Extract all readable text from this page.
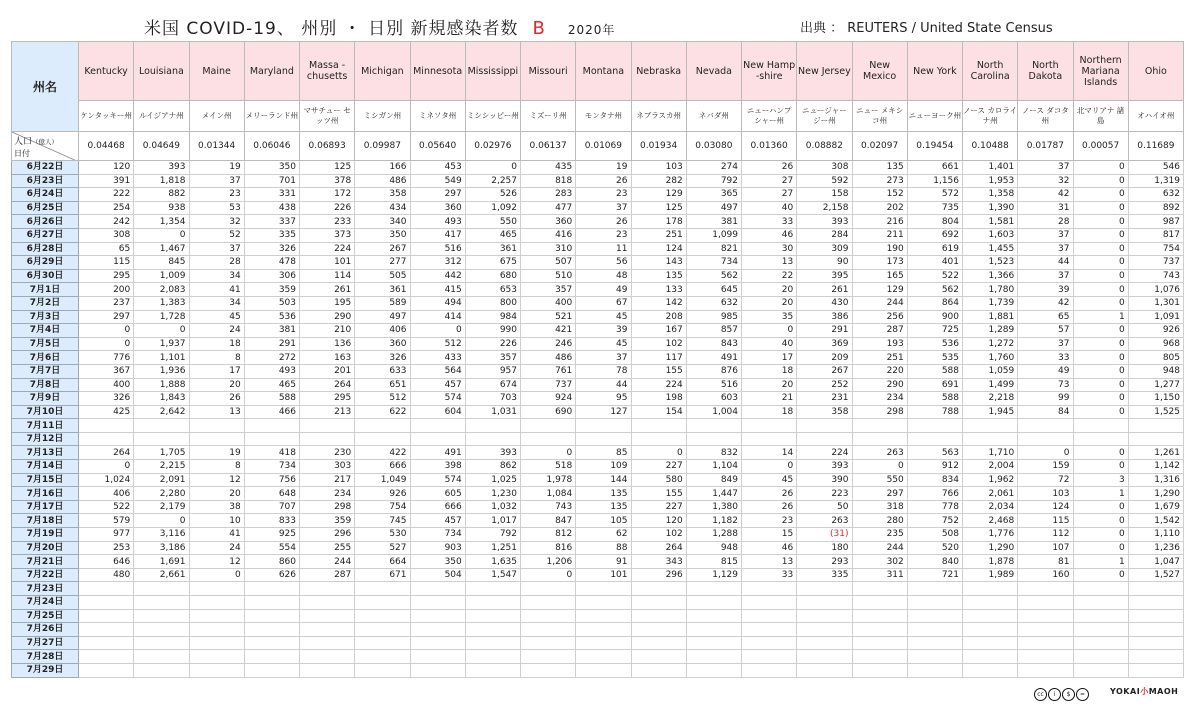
米国 COVID-19、 州別 ・ 日別 新規感染者数 B 2020年	出典 ： REUTERS / United State Census
州名	Kentucky	Louisiana	Maine	Maryland	Massa -chusetts	Michigan	Minnesota	Mississippi	Missouri	Montana	Nebraska	Nevada	New Hamp -shire	New Jersey	New Mexico	New York	North Carolina	North Dakota	Northern Mariana Islands	Ohio
	ケンタッキー州	ルイジアナ州	メイン州	メリーランド州	マサチュー セッツ州	ミシガン州	ミネソタ州	ミシシッピー州	ミズーリ州	モンタナ州	ネブラスカ州	ネバダ州	ニューハンプ シャー州	ニュージャー ジー州	ニュー メキシコ州	ニューヨーク州	ノース カロライナ州	ノース ダコタ州	北マリアナ 諸島	オハイオ州

人口（億人）
日付	0.04468	0.04649	0.01344	0.06046	0.06893	0.09987	0.05640	0.02976	0.06137	0.01069	0.01934	0.03080	0.01360	0.08882	0.02097	0.19454	0.10488	0.01787	0.00057	0.11689
6月22日	120	393	19	350	125	166	453	0	435	19	103	274	26	308	135	661	1,401	37	0	546
6月23日	391	1,818	37	701	378	486	549	2,257	818	26	282	792	27	592	273	1,156	1,953	32	0	1,319
6月24日	222	882	23	331	172	358	297	526	283	23	129	365	27	158	152	572	1,358	42	0	632
6月25日	254	938	53	438	226	434	360	1,092	477	37	125	497	40	2,158	202	735	1,390	31	0	892
6月26日	242	1,354	32	337	233	340	493	550	360	26	178	381	33	393	216	804	1,581	28	0	987
6月27日	308	0	52	335	373	350	417	465	416	23	251	1,099	46	284	211	692	1,603	37	0	817
6月28日	65	1,467	37	326	224	267	516	361	310	11	124	821	30	309	190	619	1,455	37	0	754
6月29日	115	845	28	478	101	277	312	675	507	56	143	734	13	90	173	401	1,523	44	0	737
6月30日	295	1,009	34	306	114	505	442	680	510	48	135	562	22	395	165	522	1,366	37	0	743
7月1日	200	2,083	41	359	261	361	415	653	357	49	133	645	20	261	129	562	1,780	39	0	1,076
7月2日	237	1,383	34	503	195	589	494	800	400	67	142	632	20	430	244	864	1,739	42	0	1,301
7月3日	297	1,728	45	536	290	497	414	984	521	45	208	985	35	386	256	900	1,881	65	1	1,091
7月4日	0	0	24	381	210	406	0	990	421	39	167	857	0	291	287	725	1,289	57	0	926
7月5日	0	1,937	18	291	136	360	512	226	246	45	102	843	40	369	193	536	1,272	37	0	968
7月6日	776	1,101	8	272	163	326	433	357	486	37	117	491	17	209	251	535	1,760	33	0	805
7月7日	367	1,936	17	493	201	633	564	957	761	78	155	876	18	267	220	588	1,059	49	0	948
7月8日	400	1,888	20	465	264	651	457	674	737	44	224	516	20	252	290	691	1,499	73	0	1,277
7月9日	326	1,843	26	588	295	512	574	703	924	95	198	603	21	231	234	588	2,218	99	0	1,150
7月10日	425	2,642	13	466	213	622	604	1,031	690	127	154	1,004	18	358	298	788	1,945	84	0	1,525
7月11日																				
7月12日																				
7月13日	264	1,705	19	418	230	422	491	393	0	85	0	832	14	224	263	563	1,710	0	0	1,261
7月14日	0	2,215	8	734	303	666	398	862	518	109	227	1,104	0	393	0	912	2,004	159	0	1,142
7月15日	1,024	2,091	12	756	217	1,049	574	1,025	1,978	144	580	849	45	390	550	834	1,962	72	3	1,316
7月16日	406	2,280	20	648	234	926	605	1,230	1,084	135	155	1,447	26	223	297	766	2,061	103	1	1,290
7月17日	522	2,179	38	707	298	754	666	1,032	743	135	227	1,380	26	50	318	778	2,034	124	0	1,679
7月18日	579	0	10	833	359	745	457	1,017	847	105	120	1,182	23	263	280	752	2,468	115	0	1,542
7月19日	977	3,116	41	925	296	530	734	792	812	62	102	1,288	15	(31)	235	508	1,776	112	0	1,110
7月20日	253	3,186	24	554	255	527	903	1,251	816	88	264	948	46	180	244	520	1,290	107	0	1,236
7月21日	646	1,691	12	860	244	664	350	1,635	1,206	91	343	815	13	293	302	840	1,878	81	1	1,047
7月22日	480	2,661	0	626	287	671	504	1,547	0	101	296	1,129	33	335	311	721	1,989	160	0	1,527
7月23日																				
7月24日																				
7月25日																				
7月26日																				
7月27日																				
7月28日																				
7月29日																				
cc i $ =	YOKAI小MAOH
